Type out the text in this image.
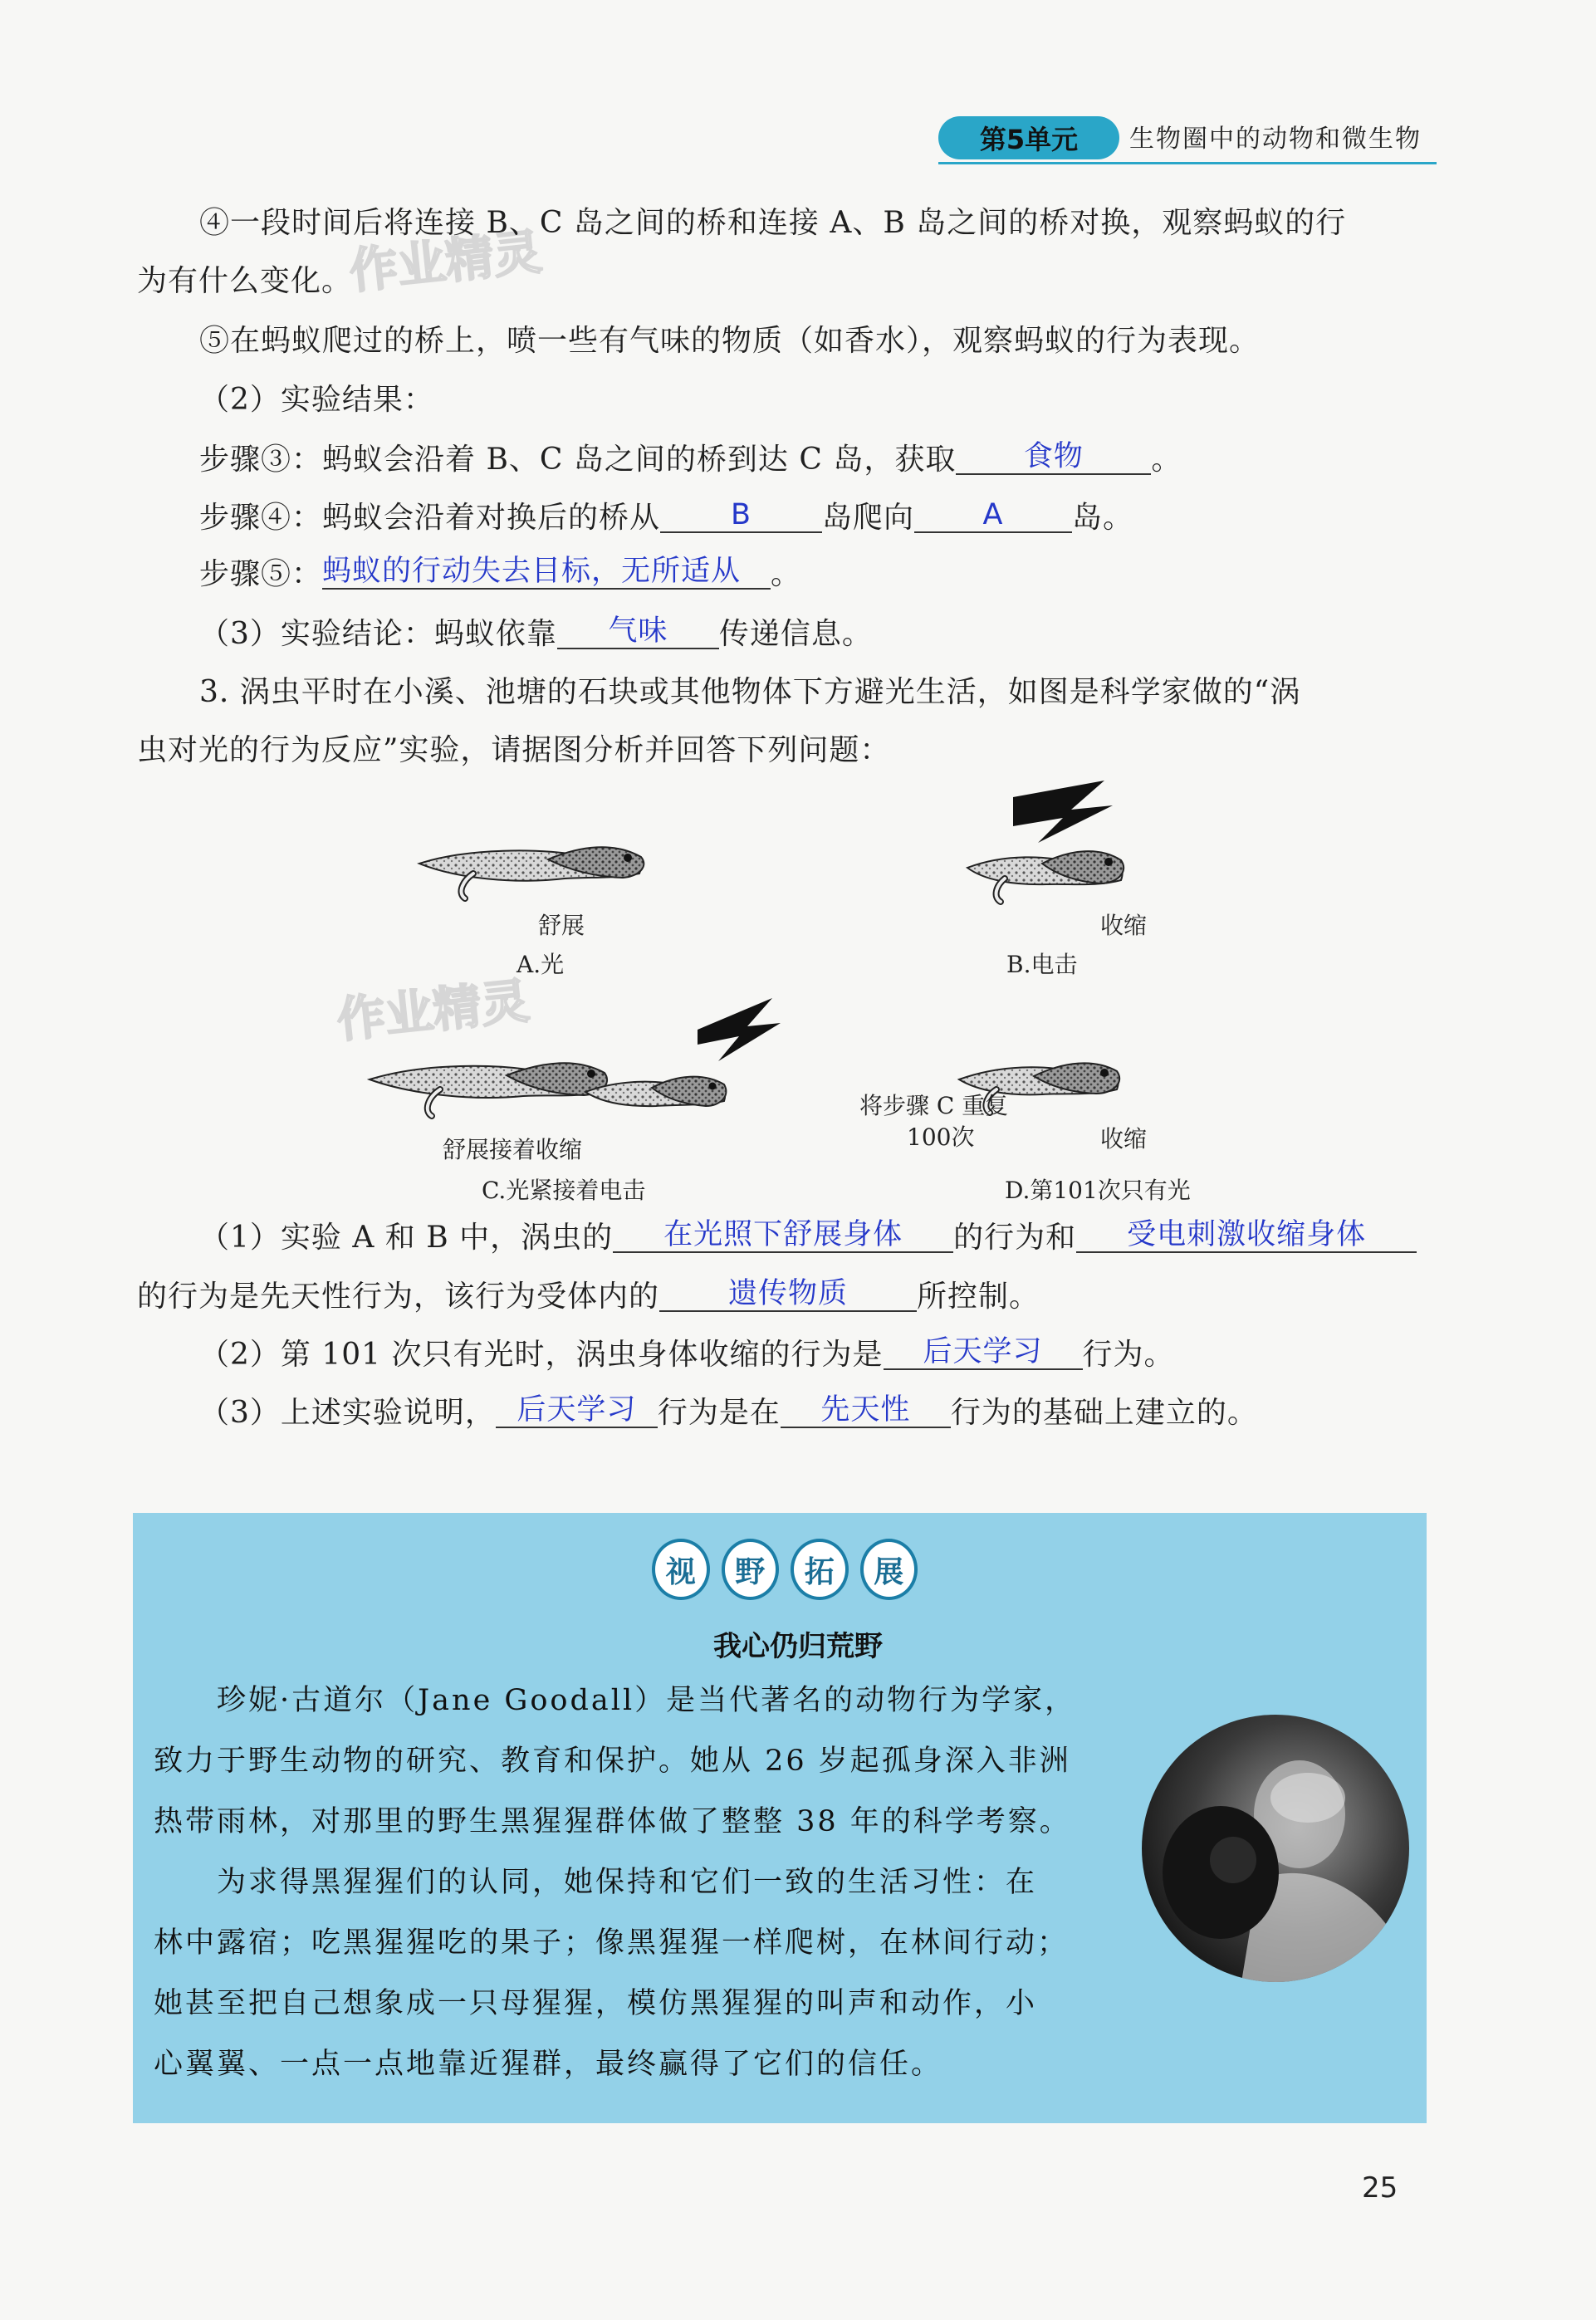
第5单元	生物圈中的动物和微生物
作业精灵
作业精灵
④一段时间后将连接 B、C 岛之间的桥和连接 A、B 岛之间的桥对换，观察蚂蚁的行
为有什么变化。
⑤在蚂蚁爬过的桥上，喷一些有气味的物质（如香水），观察蚂蚁的行为表现。
（2）实验结果：
步骤③：蚂蚁会沿着 B、C 岛之间的桥到达 C 岛，获取 食物 。
步骤④：蚂蚁会沿着对换后的桥从 B 岛爬向 A 岛。
步骤⑤：蚂蚁的行动失去目标，无所适从 。
（3）实验结论：蚂蚁依靠 气味 传递信息。
3. 涡虫平时在小溪、池塘的石块或其他物体下方避光生活，如图是科学家做的“涡
虫对光的行为反应”实验，请据图分析并回答下列问题：
舒展
A.光
收缩
B.电击
舒展接着收缩
C.光紧接着电击
将步骤 C 重复
100次	收缩
D.第101次只有光
（1）实验 A 和 B 中，涡虫的 在光照下舒展身体 的行为和 受电刺激收缩身体
的行为是先天性行为，该行为受体内的 遗传物质 所控制。
（2）第 101 次只有光时，涡虫身体收缩的行为是 后天学习 行为。
（3）上述实验说明， 后天学习 行为是在 先天性 行为的基础上建立的。
视	野	拓	展
我心仍归荒野
　　珍妮·古道尔（Jane Goodall）是当代著名的动物行为学家，
致力于野生动物的研究、教育和保护。她从 26 岁起孤身深入非洲
热带雨林，对那里的野生黑猩猩群体做了整整 38 年的科学考察。
　　为求得黑猩猩们的认同，她保持和它们一致的生活习性：在
林中露宿；吃黑猩猩吃的果子；像黑猩猩一样爬树，在林间行动；
她甚至把自己想象成一只母猩猩，模仿黑猩猩的叫声和动作，小
心翼翼、一点一点地靠近猩群，最终赢得了它们的信任。
25
